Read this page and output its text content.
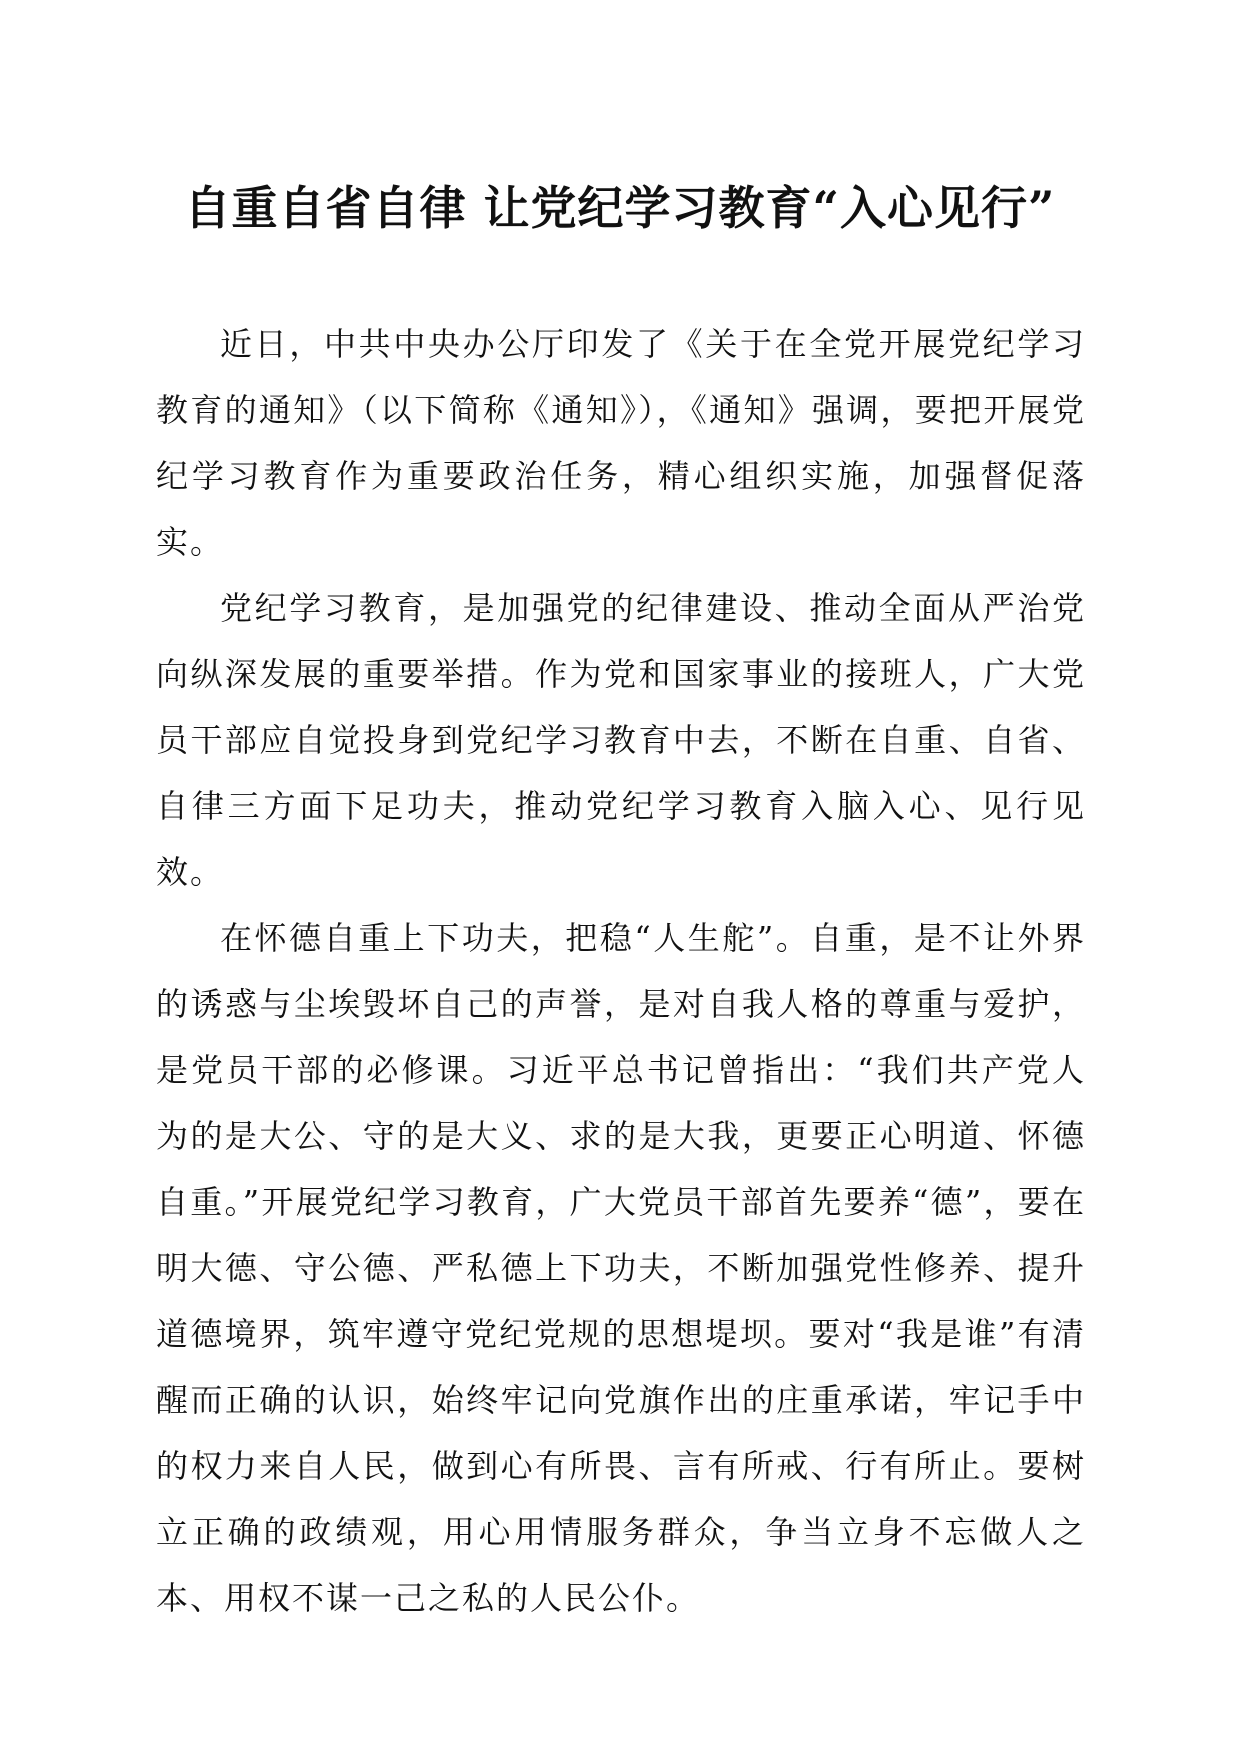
自重自省自律 让党纪学习教育“入心见行”

近日，中共中央办公厅印发了《关于在全党开展党纪学习教育的通知》（以下简称《通知》），《通知》强调，要把开展党纪学习教育作为重要政治任务，精心组织实施，加强督促落实。

党纪学习教育，是加强党的纪律建设、推动全面从严治党向纵深发展的重要举措。作为党和国家事业的接班人，广大党员干部应自觉投身到党纪学习教育中去，不断在自重、自省、自律三方面下足功夫，推动党纪学习教育入脑入心、见行见效。

在怀德自重上下功夫，把稳“人生舵”。自重，是不让外界的诱惑与尘埃毁坏自己的声誉，是对自我人格的尊重与爱护，是党员干部的必修课。习近平总书记曾指出：“我们共产党人为的是大公、守的是大义、求的是大我，更要正心明道、怀德自重。”开展党纪学习教育，广大党员干部首先要养“德”，要在明大德、守公德、严私德上下功夫，不断加强党性修养、提升道德境界，筑牢遵守党纪党规的思想堤坝。要对“我是谁”有清醒而正确的认识，始终牢记向党旗作出的庄重承诺，牢记手中的权力来自人民，做到心有所畏、言有所戒、行有所止。要树立正确的政绩观，用心用情服务群众，争当立身不忘做人之本、用权不谋一己之私的人民公仆。
